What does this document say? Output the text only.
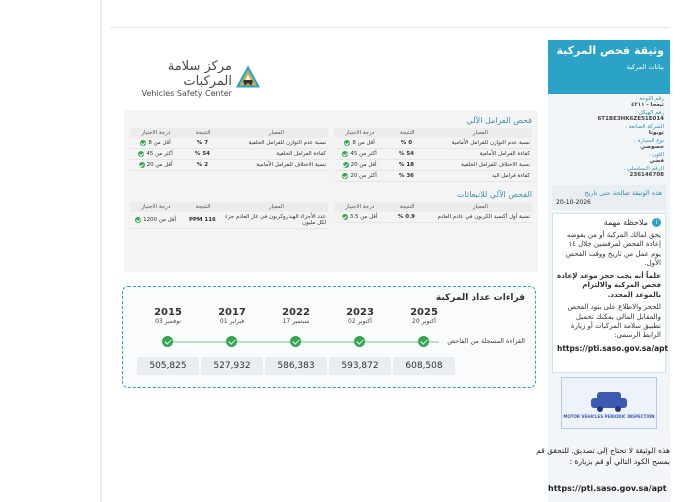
وثيقة فحص المركبة
بيانات المركبة
رقم اللوحة :
تبعحا - ٤٢١١
رقم الهيكل :
6T1BE3HK6ZE51E014
الشركة الصانعة :
تويوتا
نوع السيارة :
خصوصي
اللون :
فضي
الرقم التسلسلي :
236146708
هذه الوثيقة صالحة حتى تاريخ
20-10-2026
i
ملاحظة مهمة
يحق لمالك المركبة أو من يفوضه إعادة الفحص لمرفضين خلال ١٤ يوم عمل من تاريخ ووقت الفحص الأول.
علماً أنه يجب حجز موعد لإعادة فحص المركبة والالتزام بالموعد المحدد.
للحجز والاطلاع على بنود الفحص والمقابل المالي يمكنك تحميل تطبيق سلامة المركبات أو زيارة الرابط الرسمي:
https://pti.saso.gov.sa/apt
MOTOR VEHICLES PERIODIC INSPECTION
هذه الوثيقة لا تحتاج إلى تصديق. للتحقق قم بمسح الكود التالي أو قم بزيارة :
https://pti.saso.gov.sa/apt
مركز سلامة المركبات
Vehicles Safety Center
فحص الفرامل الآلي
المعيار
النتيجة
درجة الاجتياز
نسبة عدم التوازن للفرامل الأمامية
0 %
أقل من 8
كفاءة الفرامل الأمامية
54 %
أكثر من 45
نسبة الاختلاف للفرامل الخلفية
18 %
أقل من 20
كفاءة فرامل اليد
36 %
أكثر من 20
المعيار
النتيجة
درجة الاجتياز
نسبة عدم التوازن للفرامل الخلفية
7 %
أقل من 8
كفاءة الفرامل الخلفية
54 %
أكثر من 45
نسبة الاختلاف للفرامل الأمامية
2 %
أقل من 20
الفحص الآلي للانبعاثات
المعيار
النتيجة
درجة الاجتياز
نسبة أول أكسيد الكربون في عادم العادم
0.9 %
أقل من 3.5
المعيار
النتيجة
درجة الاجتياز
عدد الأجزاء الهيدروكربون في غاز العادم جزء لكل مليون
PPM 116
أقل من 1200
قراءات عداد المركبة
القراءة المسجلة من الفاحص
2025
20 أكتوبر
2023
02 أكتوبر
2022
17 سبتمبر
2017
01 فبراير
2015
03 نوفمبر
608,508
593,872
586,383
527,932
505,825
